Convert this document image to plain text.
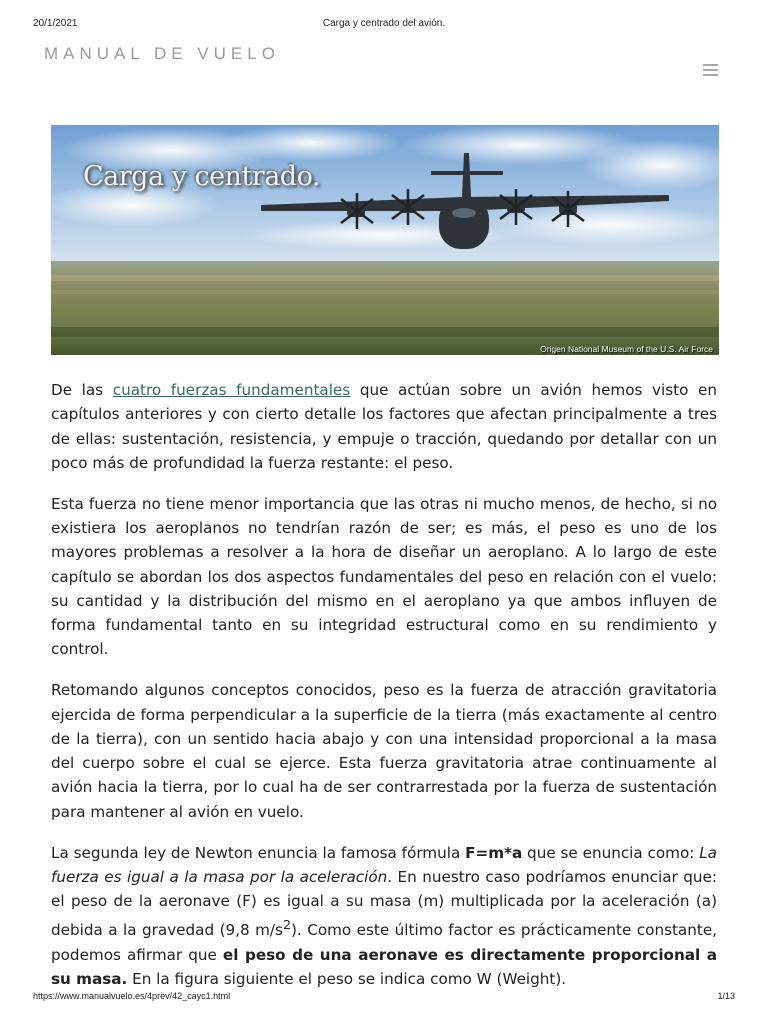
20/1/2021	Carga y centrado del avión.
MANUAL DE VUELO
Carga y centrado.
Origen National Museum of the U.S. Air Force

De las cuatro fuerzas fundamentales que actúan sobre un avión hemos visto en capítulos anteriores y con cierto detalle los factores que afectan principalmente a tres de ellas: sustentación, resistencia, y empuje o tracción, quedando por detallar con un poco más de profundidad la fuerza restante: el peso.

Esta fuerza no tiene menor importancia que las otras ni mucho menos, de hecho, si no existiera los aeroplanos no tendrían razón de ser; es más, el peso es uno de los mayores problemas a resolver a la hora de diseñar un aeroplano. A lo largo de este capítulo se abordan los dos aspectos fundamentales del peso en relación con el vuelo: su cantidad y la distribución del mismo en el aeroplano ya que ambos influyen de forma fundamental tanto en su integridad estructural como en su rendimiento y control.

Retomando algunos conceptos conocidos, peso es la fuerza de atracción gravitatoria ejercida de forma perpendicular a la superficie de la tierra (más exactamente al centro de la tierra), con un sentido hacia abajo y con una intensidad proporcional a la masa del cuerpo sobre el cual se ejerce. Esta fuerza gravitatoria atrae continuamente al avión hacia la tierra, por lo cual ha de ser contrarrestada por la fuerza de sustentación para mantener al avión en vuelo.

La segunda ley de Newton enuncia la famosa fórmula F=m*a que se enuncia como: La fuerza es igual a la masa por la aceleración. En nuestro caso podríamos enunciar que: el peso de la aeronave (F) es igual a su masa (m) multiplicada por la aceleración (a) debida a la gravedad (9,8 $m/s^2$). Como este último factor es prácticamente constante, podemos afirmar que el peso de una aeronave es directamente proporcional a su masa. En la figura siguiente el peso se indica como W (Weight).

https://www.manualvuelo.es/4prev/42_cayc1.html	1/13
